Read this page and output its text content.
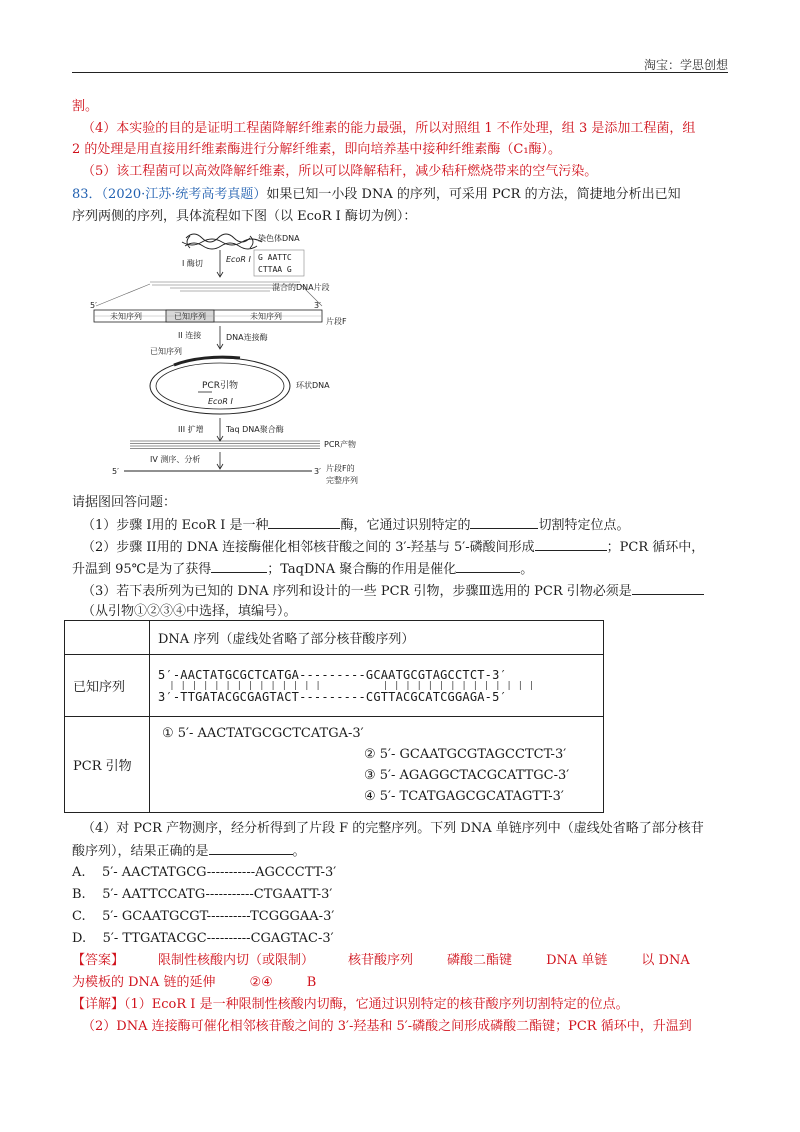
淘宝：学思创想
割。
（4）本实验的目的是证明工程菌降解纤维素的能力最强，所以对照组 1 不作处理，组 3 是添加工程菌，组
2 的处理是用直接用纤维素酶进行分解纤维素，即向培养基中接种纤维素酶（C₁酶）。
（5）该工程菌可以高效降解纤维素，所以可以降解秸秆，减少秸秆燃烧带来的空气污染。
83．（2020·江苏·统考高考真题）如果已知一小段 DNA 的序列，可采用 PCR 的方法，简捷地分析出已知
序列两侧的序列，具体流程如下图（以 EcoR I 酶切为例）：
染色体DNA
I 酶切	EcoR I G AATTC
CTTAA G
混合的DNA片段
5′	3′
未知序列	已知序列	未知序列
片段F
II 连接	DNA连接酶
已知序列
PCR引物
EcoR I
环状DNA
III 扩增	Taq DNA聚合酶
PCR产物
IV 测序、分析
5′	3′ 片段F的
完整序列
请据图回答问题：
（1）步骤 I用的 EcoR I 是一种	酶，它通过识别特定的	切割特定位点。
（2）步骤 II用的 DNA 连接酶催化相邻核苷酸之间的 3′-羟基与 5′-磷酸间形成	；PCR 循环中，
升温到 95℃是为了获得	；TaqDNA 聚合酶的作用是催化	。
（3）若下表所列为已知的 DNA 序列和设计的一些 PCR 引物，步骤Ⅲ选用的 PCR 引物必须是
（从引物①②③④中选择，填编号）。
	DNA 序列（虚线处省略了部分核苷酸序列）
已知序列	5′-AACTATGCGCTCATGA---------GCAATGCGTAGCCTCT-3′
| | | | | | | | | | | | | |           | | | | | | | | | | | | | |
3′-TTGATACGCGAGTACT---------CGTTACGCATCGGAGA-5′

PCR 引物	① 5′- AACTATGCGCTCATGA-3′
② 5′- GCAATGCGTAGCCTCT-3′
③ 5′- AGAGGCTACGCATTGC-3′
④ 5′- TCATGAGCGCATAGTT-3′
（4）对 PCR 产物测序，经分析得到了片段 F 的完整序列。下列 DNA 单链序列中（虚线处省略了部分核苷
酸序列），结果正确的是	。
A.    5′- AACTATGCG-----------AGCCCTT-3′
B.    5′- AATTCCATG-----------CTGAATT-3′
C.    5′- GCAATGCGT----------TCGGGAA-3′
D.    5′- TTGATACGC----------CGAGTAC-3′
【答案】	限制性核酸内切（或限制）	核苷酸序列	磷酸二酯键	DNA 单链	以 DNA
为模板的 DNA 链的延伸	②④	B
【详解】（1）EcoR I 是一种限制性核酸内切酶，它通过识别特定的核苷酸序列切割特定的位点。
（2）DNA 连接酶可催化相邻核苷酸之间的 3′-羟基和 5′-磷酸之间形成磷酸二酯键；PCR 循环中，升温到
